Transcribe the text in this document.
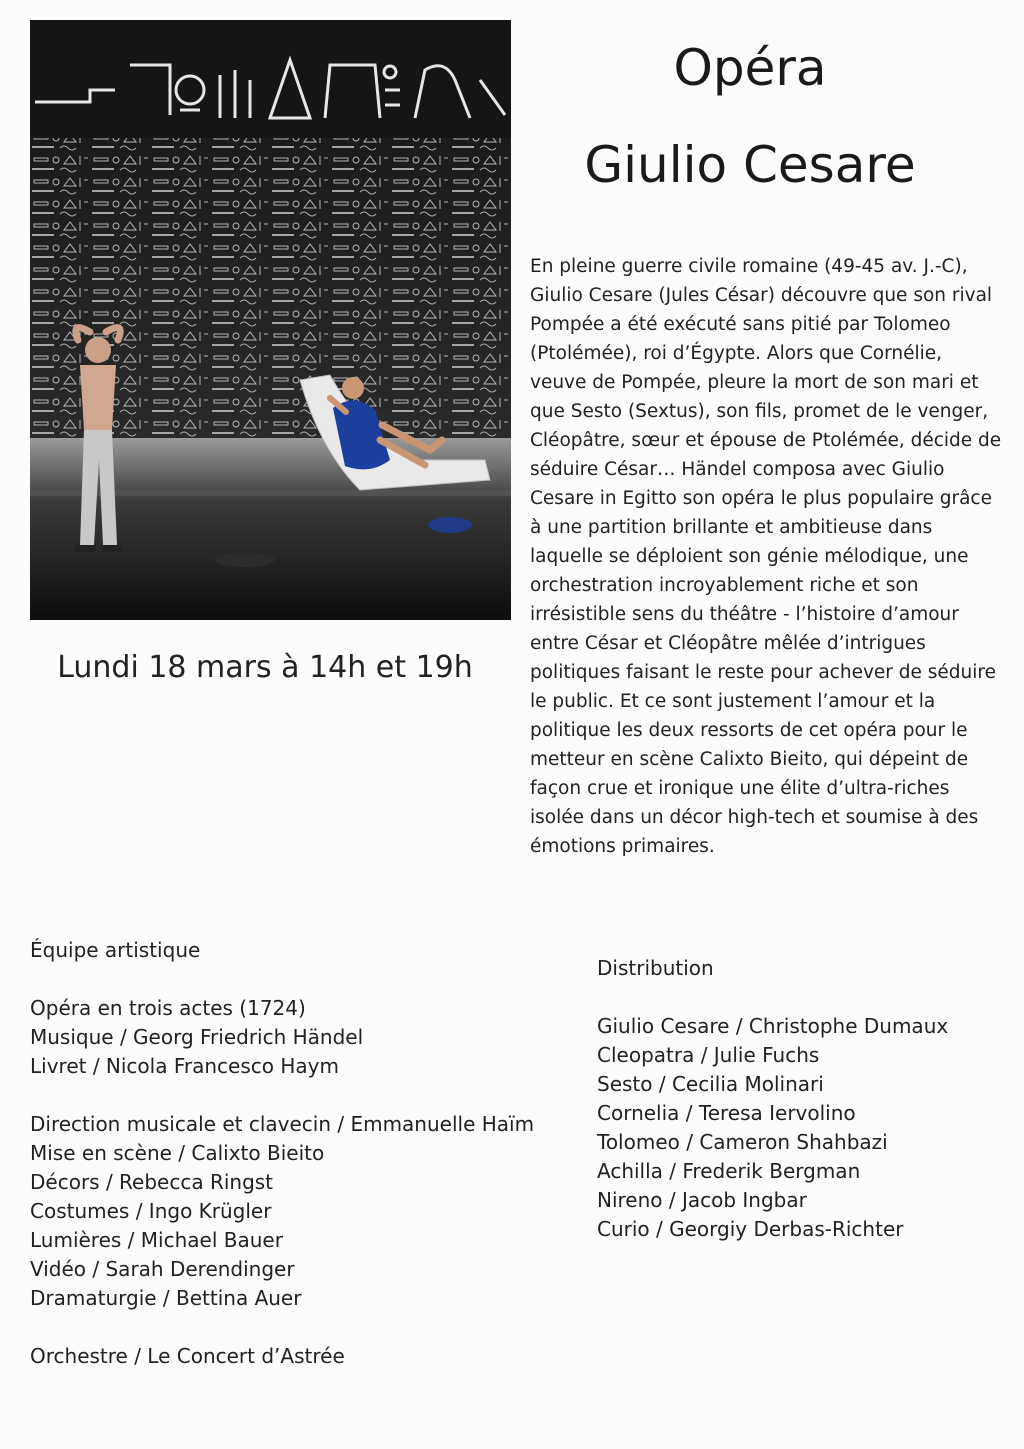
Opéra
Giulio Cesare
Lundi 18 mars à 14h et 19h

En pleine guerre civile romaine (49-45 av. J.-C), Giulio Cesare (Jules César) découvre que son rival Pompée a été exécuté sans pitié par Tolomeo (Ptolémée), roi d’Égypte. Alors que Cornélie, veuve de Pompée, pleure la mort de son mari et que Sesto (Sextus), son fils, promet de le venger, Cléopâtre, sœur et épouse de Ptolémée, décide de séduire César… Händel composa avec Giulio Cesare in Egitto son opéra le plus populaire grâce à une partition brillante et ambitieuse dans laquelle se déploient son génie mélodique, une orchestration incroyablement riche et son irrésistible sens du théâtre - l’histoire d’amour entre César et Cléopâtre mêlée d’intrigues politiques faisant le reste pour achever de séduire le public. Et ce sont justement l’amour et la politique les deux ressorts de cet opéra pour le metteur en scène Calixto Bieito, qui dépeint de façon crue et ironique une élite d’ultra-riches isolée dans un décor high-tech et soumise à des émotions primaires.

Équipe artistique
Opéra en trois actes (1724)
Musique / Georg Friedrich Händel
Livret / Nicola Francesco Haym
Direction musicale et clavecin / Emmanuelle Haïm
Mise en scène / Calixto Bieito
Décors / Rebecca Ringst
Costumes / Ingo Krügler
Lumières / Michael Bauer
Vidéo / Sarah Derendinger
Dramaturgie / Bettina Auer
Orchestre / Le Concert d’Astrée
Distribution
Giulio Cesare / Christophe Dumaux
Cleopatra / Julie Fuchs
Sesto / Cecilia Molinari
Cornelia / Teresa Iervolino
Tolomeo / Cameron Shahbazi
Achilla / Frederik Bergman
Nireno / Jacob Ingbar
Curio / Georgiy Derbas-Richter
